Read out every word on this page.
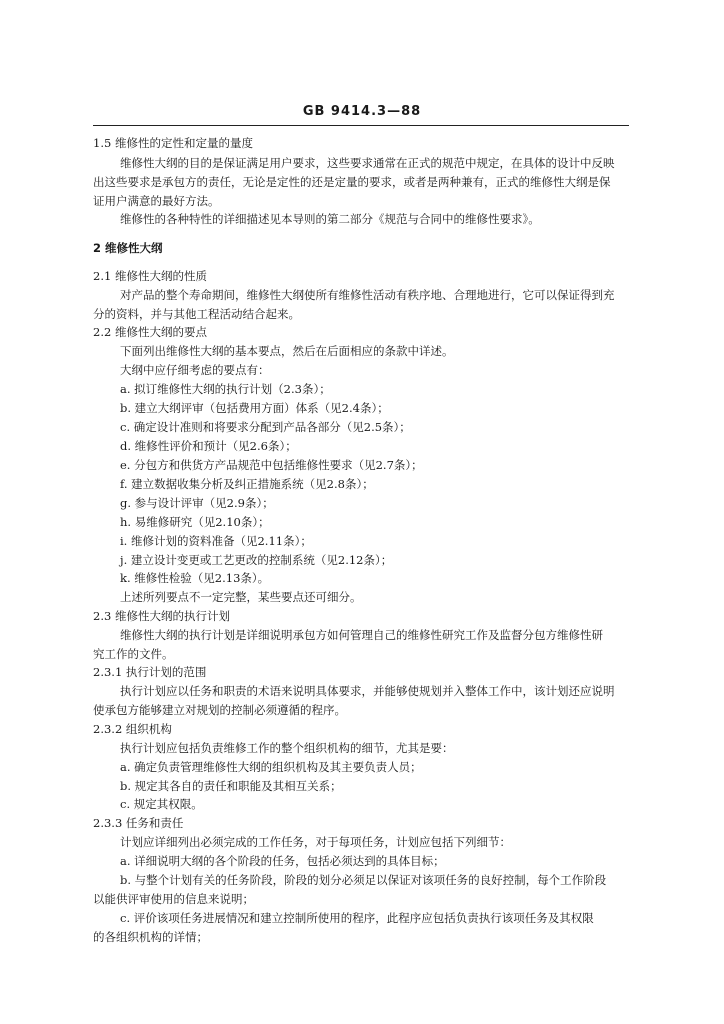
GB 9414.3—88
1.5 维修性的定性和定量的量度
维修性大纲的目的是保证满足用户要求，这些要求通常在正式的规范中规定，在具体的设计中反映
出这些要求是承包方的责任，无论是定性的还是定量的要求，或者是两种兼有，正式的维修性大纲是保
证用户满意的最好方法。
维修性的各种特性的详细描述见本导则的第二部分《规范与合同中的维修性要求》。
2 维修性大纲
2.1 维修性大纲的性质
对产品的整个寿命期间，维修性大纲使所有维修性活动有秩序地、合理地进行，它可以保证得到充
分的资料，并与其他工程活动结合起来。
2.2 维修性大纲的要点
下面列出维修性大纲的基本要点，然后在后面相应的条款中详述。
大纲中应仔细考虑的要点有：
a. 拟订维修性大纲的执行计划（2.3条）；
b. 建立大纲评审（包括费用方面）体系（见2.4条）；
c. 确定设计准则和将要求分配到产品各部分（见2.5条）；
d. 维修性评价和预计（见2.6条）；
e. 分包方和供货方产品规范中包括维修性要求（见2.7条）；
f. 建立数据收集分析及纠正措施系统（见2.8条）；
g. 参与设计评审（见2.9条）；
h. 易维修研究（见2.10条）；
i. 维修计划的资料准备（见2.11条）；
j. 建立设计变更或工艺更改的控制系统（见2.12条）；
k. 维修性检验（见2.13条）。
上述所列要点不一定完整，某些要点还可细分。
2.3 维修性大纲的执行计划
维修性大纲的执行计划是详细说明承包方如何管理自己的维修性研究工作及监督分包方维修性研
究工作的文件。
2.3.1 执行计划的范围
执行计划应以任务和职责的术语来说明具体要求，并能够使规划并入整体工作中，该计划还应说明
使承包方能够建立对规划的控制必须遵循的程序。
2.3.2 组织机构
执行计划应包括负责维修工作的整个组织机构的细节，尤其是要：
a. 确定负责管理维修性大纲的组织机构及其主要负责人员；
b. 规定其各自的责任和职能及其相互关系；
c. 规定其权限。
2.3.3 任务和责任
计划应详细列出必须完成的工作任务，对于每项任务，计划应包括下列细节：
a. 详细说明大纲的各个阶段的任务，包括必须达到的具体目标；
b. 与整个计划有关的任务阶段，阶段的划分必须足以保证对该项任务的良好控制，每个工作阶段
以能供评审使用的信息来说明；
c. 评价该项任务进展情况和建立控制所使用的程序，此程序应包括负责执行该项任务及其权限
的各组织机构的详情；
